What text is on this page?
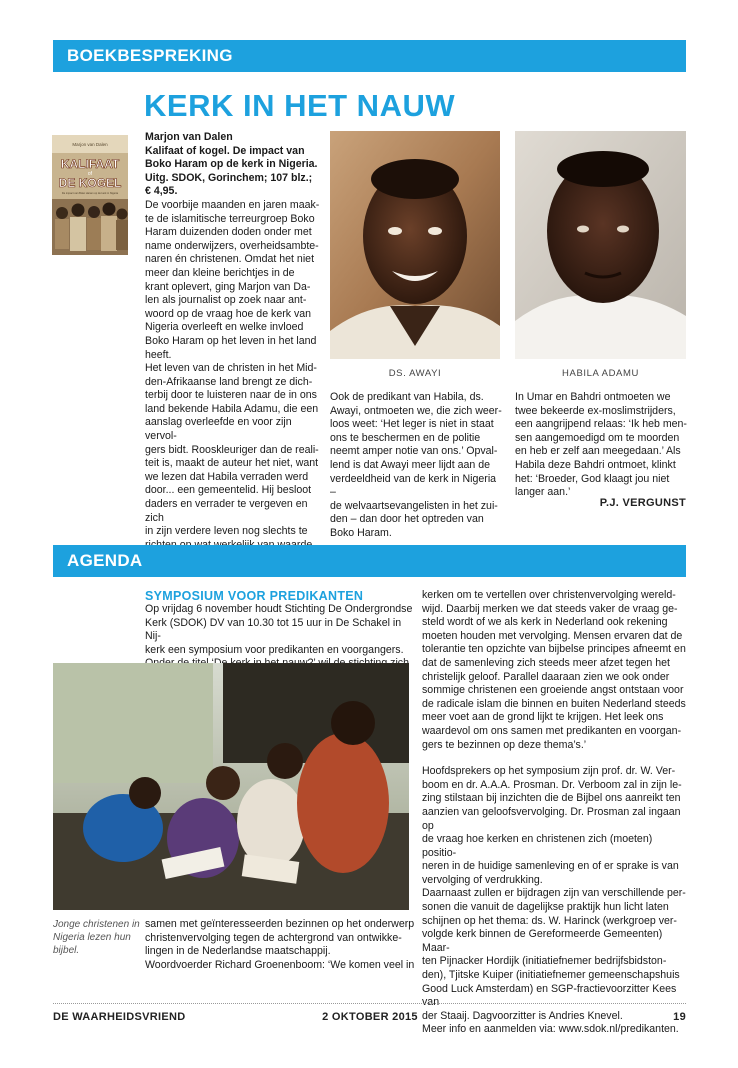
BOEKBESPREKING
KERK IN HET NAUW
Marjon van Dalen
KALIFAAT
of
DE KOGEL
De impact van Boko Haram op de kerk in Nigeria
Marjon van Dalen
Kalifaat of kogel. De impact van
Boko Haram op de kerk in Nigeria.
Uitg. SDOK, Gorinchem; 107 blz.;
€ 4,95.

De voorbije maanden en jaren maak-

te de islamitische terreurgroep Boko

Haram duizenden doden onder met

name onderwijzers, overheidsambte-

naren én christenen. Omdat het niet

meer dan kleine berichtjes in de

krant oplevert, ging Marjon van Da-

len als journalist op zoek naar ant-

woord op de vraag hoe de kerk van

Nigeria overleeft en welke invloed

Boko Haram op het leven in het land

heeft.

Het leven van de christen in het Mid-

den-Afrikaanse land brengt ze dich-

terbij door te luisteren naar de in ons

land bekende Habila Adamu, die een

aanslag overleefde en voor zijn vervol-

gers bidt. Rooskleuriger dan de reali-

teit is, maakt de auteur het niet, want

we lezen dat Habila verraden werd

door... een gemeentelid. Hij besloot

daders en verrader te vergeven en zich

in zijn verdere leven nog slechts te

DS. AWAYI	HABILA ADAMU

Ook de predikant van Habila, ds.

Awayi, ontmoeten we, die zich weer-

loos weet: ‘Het leger is niet in staat

ons te beschermen en de politie

neemt amper notie van ons.’ Opval-

lend is dat Awayi meer lijdt aan de

verdeeldheid van de kerk in Nigeria –

de welvaartsevangelisten in het zui-

den – dan door het optreden van

Boko Haram.

In Umar en Bahdri ontmoeten we

twee bekeerde ex-moslimstrijders,

een aangrijpend relaas: ‘Ik heb men-

sen aangemoedigd om te moorden

en heb er zelf aan meegedaan.’ Als

Habila deze Bahdri ontmoet, klinkt

het: ‘Broeder, God klaagt jou niet

langer aan.’

P.J. VERGUNST
AGENDA
SYMPOSIUM VOOR PREDIKANTEN

Op vrijdag 6 november houdt Stichting De Ondergrondse

Kerk (SDOK) DV van 10.30 tot 15 uur in De Schakel in Nij-

kerk een symposium voor predikanten en voorgangers.

Jonge christenen in
Nigeria lezen hun
bijbel.

samen met geïnteresseerden bezinnen op het onderwerp

christenvervolging tegen de achtergrond van ontwikke-

lingen in de Nederlandse maatschappij.

Woordvoerder Richard Groenenboom: ‘We komen veel in

kerken om te vertellen over christenvervolging wereld-

wijd. Daarbij merken we dat steeds vaker de vraag ge-

steld wordt of we als kerk in Nederland ook rekening

moeten houden met vervolging. Mensen ervaren dat de

tolerantie ten opzichte van bijbelse principes afneemt en

dat de samenleving zich steeds meer afzet tegen het

christelijk geloof. Parallel daaraan zien we ook onder

sommige christenen een groeiende angst ontstaan voor

de radicale islam die binnen en buiten Nederland steeds

meer voet aan de grond lijkt te krijgen. Het leek ons

waardevol om ons samen met predikanten en voorgan-

gers te bezinnen op deze thema’s.’

Hoofdsprekers op het symposium zijn prof. dr. W. Ver-

boom en dr. A.A.A. Prosman. Dr. Verboom zal in zijn le-

zing stilstaan bij inzichten die de Bijbel ons aanreikt ten

aanzien van geloofsvervolging. Dr. Prosman zal ingaan op

de vraag hoe kerken en christenen zich (moeten) positio-

neren in de huidige samenleving en of er sprake is van

vervolging of verdrukking.

Daarnaast zullen er bijdragen zijn van verschillende per-

sonen die vanuit de dagelijkse praktijk hun licht laten

schijnen op het thema: ds. W. Harinck (werkgroep ver-

volgde kerk binnen de Gereformeerde Gemeenten) Maar-

ten Pijnacker Hordijk (initiatiefnemer bedrijfsbidston-

den), Tjitske Kuiper (initiatiefnemer gemeenschapshuis

Good Luck Amsterdam) en SGP-fractievoorzitter Kees van

der Staaij. Dagvoorzitter is Andries Knevel.

Meer info en aanmelden via: www.sdok.nl/predikanten.

DE WAARHEIDSVRIEND	2 OKTOBER 2015	19
